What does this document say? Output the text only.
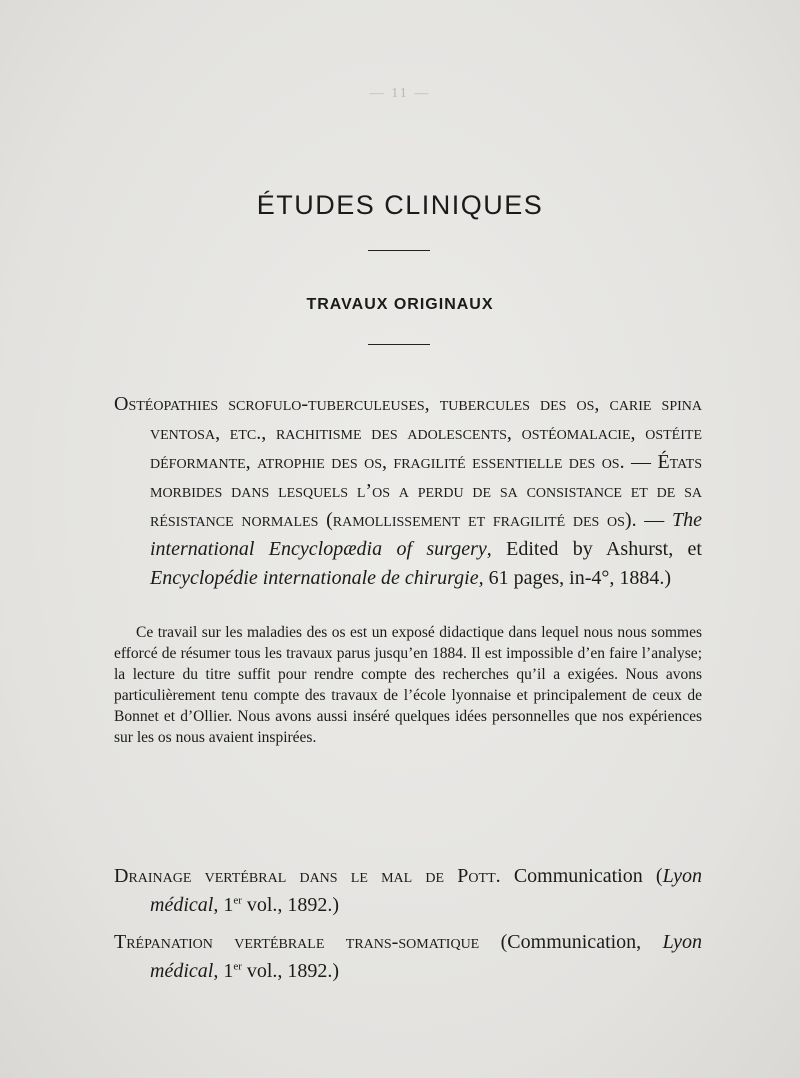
— 11 —
ÉTUDES CLINIQUES
TRAVAUX ORIGINAUX

Ostéopathies scrofulo-tuberculeuses, tubercules des os, carie spina ventosa, etc., rachitisme des adolescents, ostéomalacie, ostéite déformante, atrophie des os, fragilité essentielle des os. — États morbides dans lesquels l’os a perdu de sa consistance et de sa résistance normales (ramollissement et fragilité des os). — The international Encyclopædia of surgery, Edited by Ashurst, et Encyclopédie internationale de chirurgie, 61 pages, in-4°, 1884.)

Ce travail sur les maladies des os est un exposé didactique dans lequel nous nous sommes efforcé de résumer tous les travaux parus jusqu’en 1884. Il est impossible d’en faire l’analyse; la lecture du titre suffit pour rendre compte des recherches qu’il a exigées. Nous avons particulièrement tenu compte des travaux de l’école lyonnaise et principalement de ceux de Bonnet et d’Ollier. Nous avons aussi inséré quelques idées personnelles que nos expériences sur les os nous avaient inspirées.

Drainage vertébral dans le mal de Pott. Communication (Lyon médical, 1er vol., 1892.)

Trépanation vertébrale trans-somatique (Communication, Lyon médical, 1er vol., 1892.)
